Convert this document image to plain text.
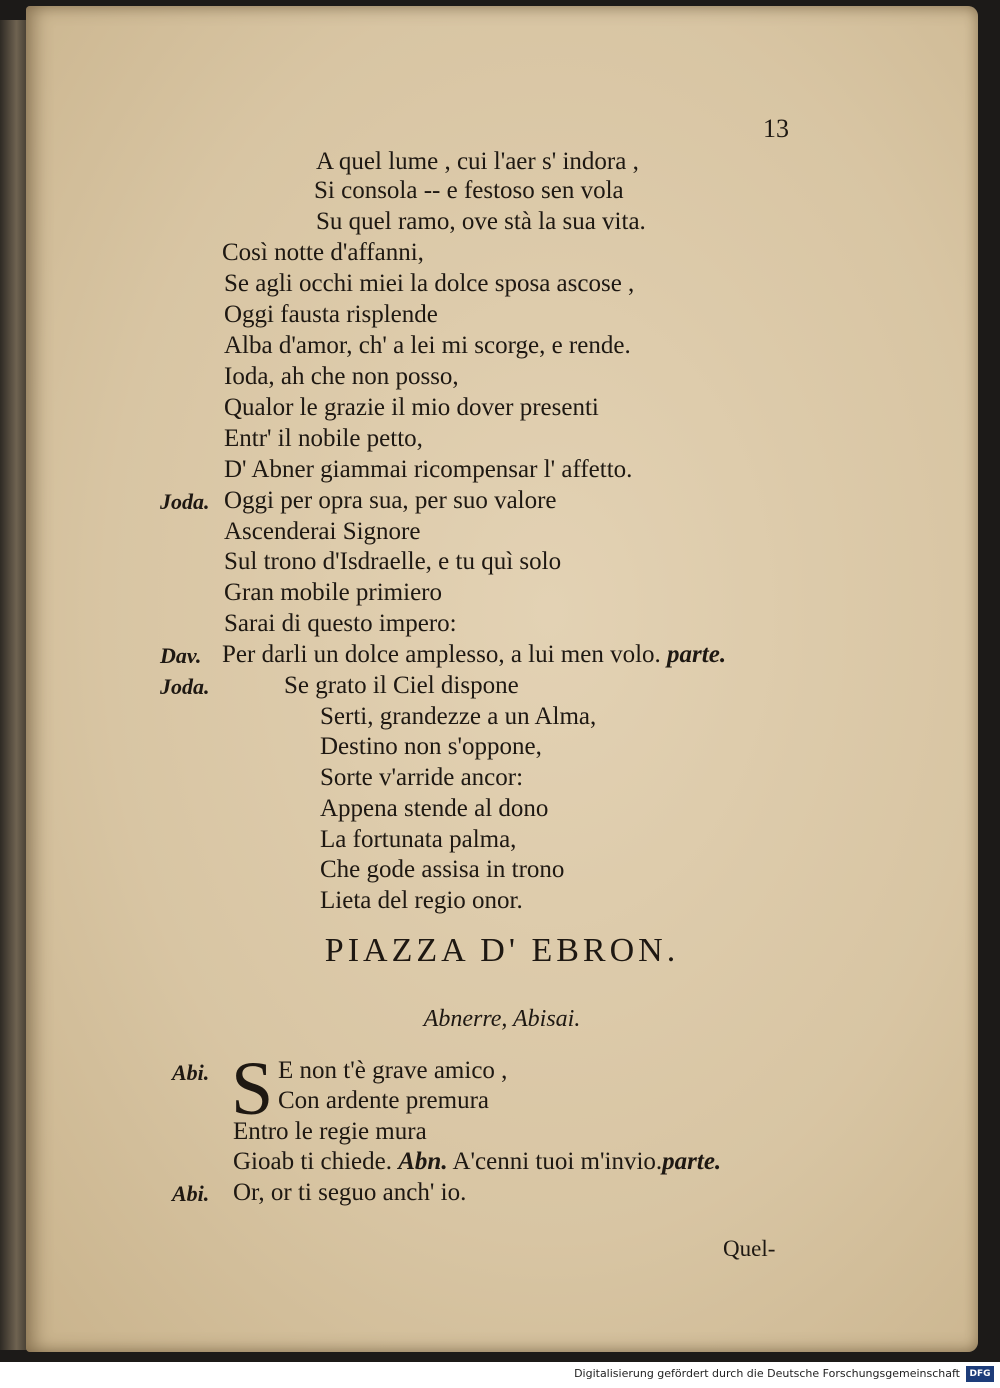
13

A quel lume , cui l'aer s' indora ,

Si consola -- e festoso sen vola

Su quel ramo, ove stà la sua vita.

Così notte d'affanni,

Se agli occhi miei la dolce sposa ascose ,

Oggi fausta risplende

Alba d'amor, ch' a lei mi scorge, e rende.

Ioda, ah che non posso,

Qualor le grazie il mio dover presenti

Entr' il nobile petto,

D' Abner giammai ricompensar l' affetto.

Joda. Oggi per opra sua, per suo valore

Ascenderai Signore

Sul trono d'Isdraelle, e tu quì solo

Gran mobile primiero

Sarai di questo impero:

Dav. Per darli un dolce amplesso, a lui men volo. parte.

Joda.	Se grato il Ciel dispone

Serti, grandezze a un Alma,

Destino non s'oppone,

Sorte v'arride ancor:

Appena stende al dono

La fortunata palma,

Che gode assisa in trono

Lieta del regio onor.

PIAZZA D' EBRON.

Abnerre, Abisai.

Abi. S E non t'è grave amico ,

Con ardente premura

Entro le regie mura

Gioab ti chiede. Abn. A'cenni tuoi m'invio.parte.

Abi. Or, or ti seguo anch' io.

Quel-

Digitalisierung gefördert durch die Deutsche Forschungsgemeinschaft	DFG
